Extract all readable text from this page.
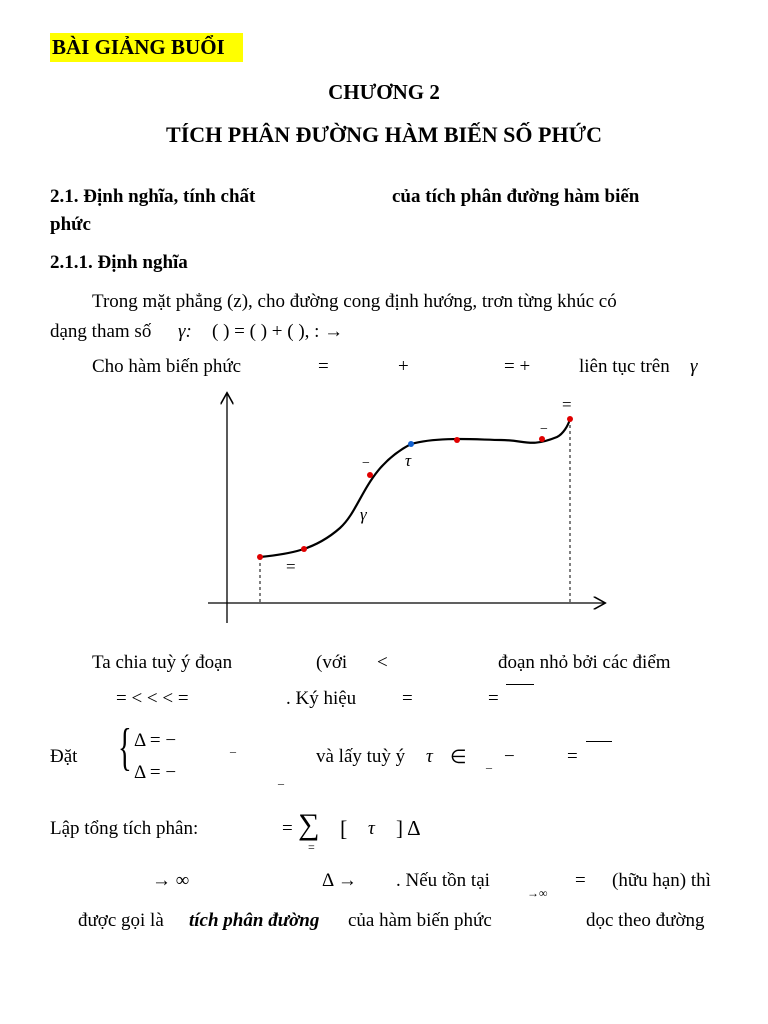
BÀI GIẢNG BUỔI
CHƯƠNG 2
TÍCH PHÂN ĐƯỜNG HÀM BIẾN SỐ PHỨC
2.1. Định nghĩa, tính chất	của tích phân đường hàm biến
phức
2.1.1. Định nghĩa
Trong mặt phẳng (z), cho đường cong định hướng, trơn từng khúc có
dạng tham số γ: ( ) = ( ) + ( ), : →
Cho hàm biến phức	=	+	= +	liên tục trên γ
=
−
− τ
γ
=
Ta chia tuỳ ý đoạn	(với <	đoạn nhỏ bởi các điểm
= < < < =	. Ký hiệu =	=
Đặt { Δ = −	_
Δ = −	_
và lấy tuỳ ý τ ∈ _ −	=
Lập tổng tích phân:	= ∑
=
[ τ ] Δ
→ ∞	Δ → . Nếu tồn tại
→∞
= (hữu hạn) thì
được gọi là tích phân đường của hàm biến phức	dọc theo đường
